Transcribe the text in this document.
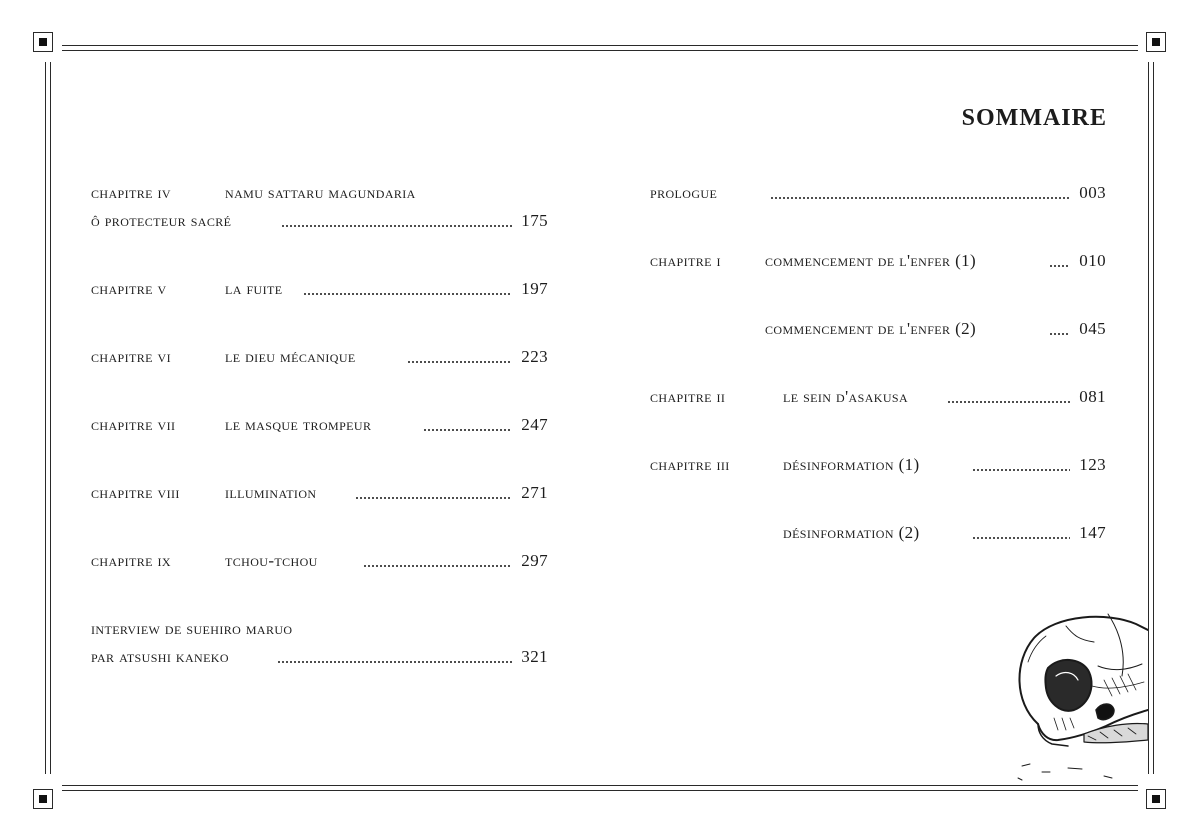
sommaire
prologue	003
chapitre i	commencement de l'enfer (1)	010
commencement de l'enfer (2)	045
chapitre ii	le sein d'asakusa	081
chapitre iii	désinformation (1)	123
désinformation (2)	147
chapitre iv	namu sattaru magundaria
ô protecteur sacré	175
chapitre v	la fuite	197
chapitre vi	le dieu mécanique	223
chapitre vii	le masque trompeur	247
chapitre viii	illumination	271
chapitre ix	tchou-tchou	297
interview de suehiro maruo
par atsushi kaneko	321
